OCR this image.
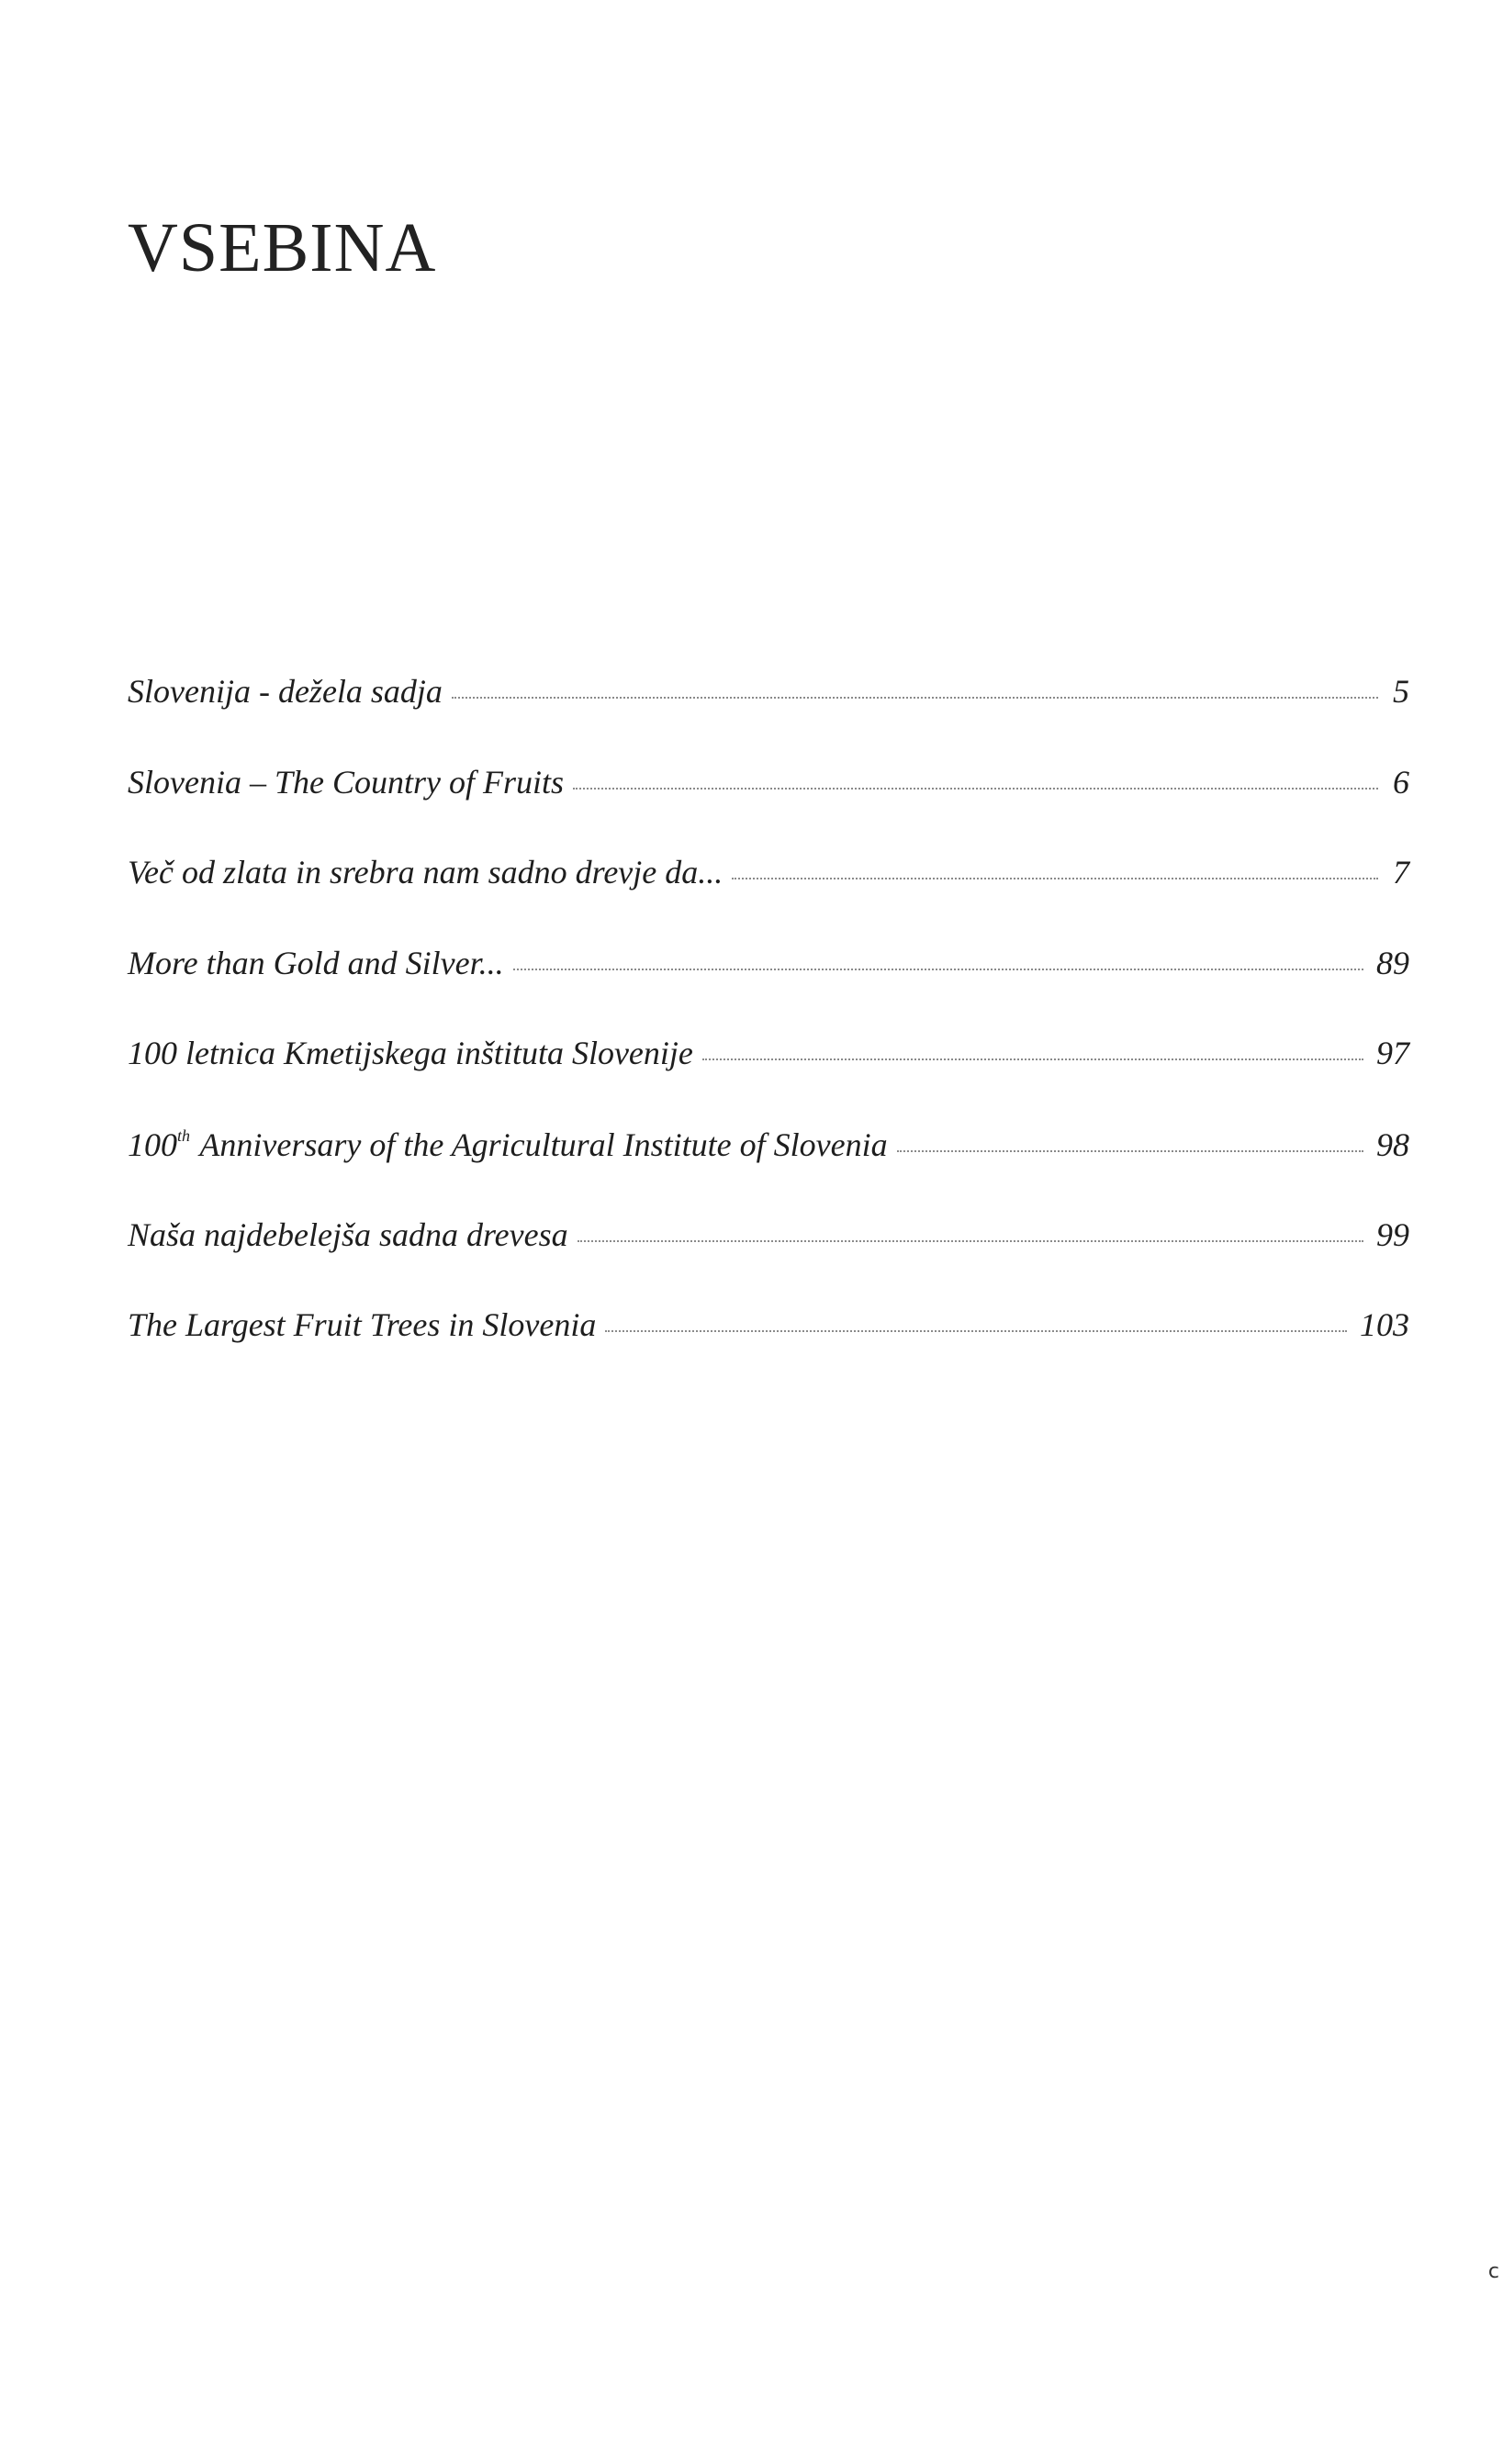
VSEBINA
Slovenija - dežela sadja	5
Slovenia – The Country of Fruits	6
Več od zlata in srebra nam sadno drevje da...	7
More than Gold and Silver...	89
100 letnica Kmetijskega inštituta Slovenije	97
100th Anniversary of the Agricultural Institute of Slovenia	98
Naša najdebelejša sadna drevesa	99
The Largest Fruit Trees in Slovenia	103
ᴄ
